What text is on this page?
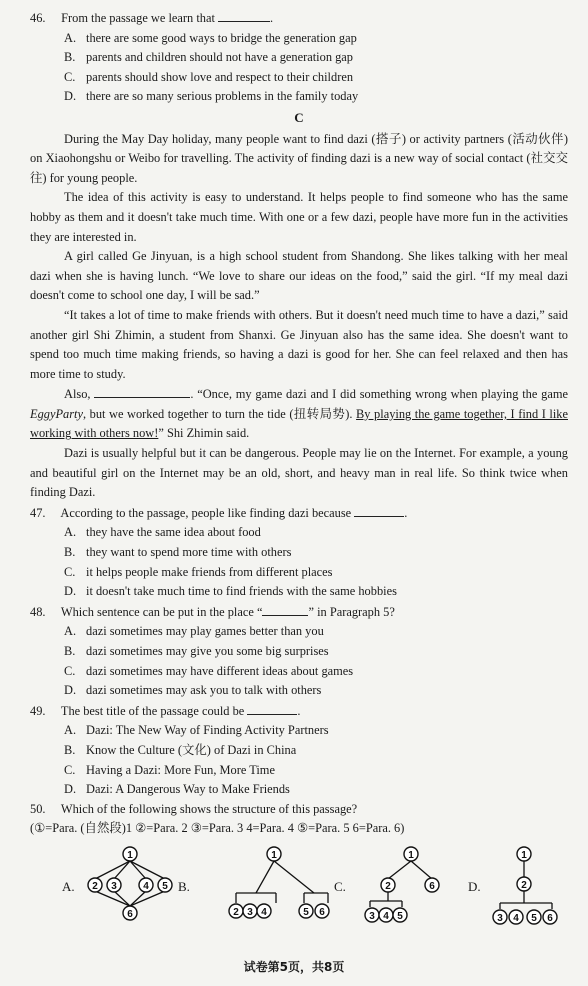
46. From the passage we learn that	.
A. there are some good ways to bridge the generation gap
B. parents and children should not have a generation gap
C. parents should show love and respect to their children
D. there are so many serious problems in the family today
C

During the May Day holiday, many people want to find dazi (搭子) or activity partners (活动伙伴) on Xiaohongshu or Weibo for travelling. The activity of finding dazi is a new way of social contact (社交交往) for young people.

The idea of this activity is easy to understand. It helps people to find someone who has the same hobby as them and it doesn't take much time. With one or a few dazi, people have more fun in the activities they are interested in.

A girl called Ge Jinyuan, is a high school student from Shandong. She likes talking with her meal dazi when she is having lunch. “We love to share our ideas on the food,” said the girl. “If my meal dazi doesn't come to school one day, I will be sad.”

“It takes a lot of time to make friends with others. But it doesn't need much time to have a dazi,” said another girl Shi Zhimin, a student from Shanxi. Ge Jinyuan also has the same idea. She doesn't want to spend too much time making friends, so having a dazi is good for her. She can feel relaxed and then has more time to study.

Also,	. “Once, my game dazi and I did something wrong when playing the game EggyParty, but we worked together to turn the tide (扭转局势). By playing the game together, I find I like working with others now!” Shi Zhimin said.

Dazi is usually helpful but it can be dangerous. People may lie on the Internet. For example, a young and beautiful girl on the Internet may be an old, short, and heavy man in real life. So think twice when finding Dazi.

47. According to the passage, people like finding dazi because	.
A. they have the same idea about food
B. they want to spend more time with others
C. it helps people make friends from different places
D. it doesn't take much time to find friends with the same hobbies
48. Which sentence can be put in the place “	” in Paragraph 5?
A. dazi sometimes may play games better than you
B. dazi sometimes may give you some big surprises
C. dazi sometimes may have different ideas about games
D. dazi sometimes may ask you to talk with others
49. The best title of the passage could be	.
A. Dazi: The New Way of Finding Activity Partners
B. Know the Culture (文化) of Dazi in China
C. Having a Dazi: More Fun, More Time
D. Dazi: A Dangerous Way to Make Friends
50. Which of the following shows the structure of this passage?
(①=Para. (自然段)1 ②=Para. 2 ③=Para. 3 4=Para. 4 ⑤=Para. 5 6=Para. 6)
A.
1
2 3	4 5
6
B.
1
2 3 4	5 6
C.
1
2	6
3 4 5
D.
1
2
3 4 5 6
试卷第5页，共8页
